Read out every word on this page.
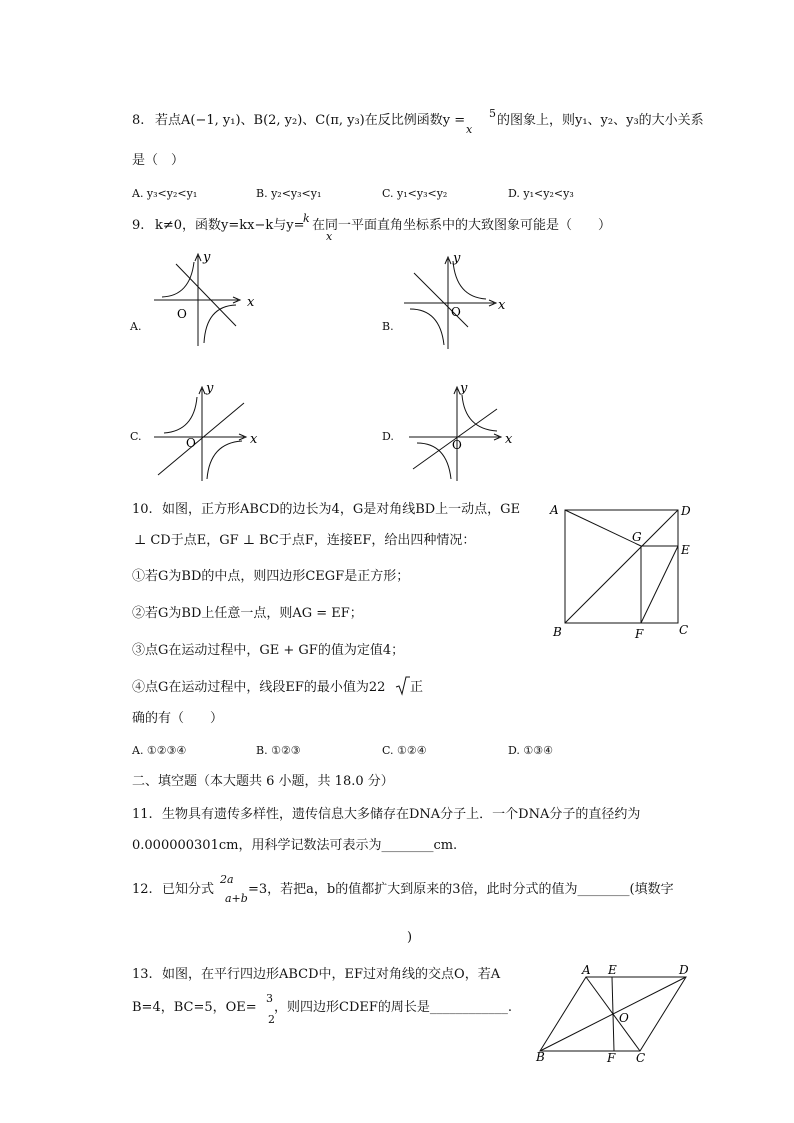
8. 若点A(−1, y₁)、B(2, y₂)、C(π, y₃)在反比例函数y = 5
x
的图象上，则y₁、y₂、y₃的大小关系
是（　）
A. y₃<y₂<y₁	B. y₂<y₃<y₁	C. y₁<y₃<y₂	D. y₁<y₂<y₃
9. k≠0，函数y=kx−k与y=
k
x
在同一平面直角坐标系中的大致图象可能是（　　）
x
y
O
A.
x
y
O
B.
x
y
O
C.	x
y
O
D.
10. 如图，正方形ABCD的边长为4，G是对角线BD上一动点，GE
⊥ CD于点E，GF ⊥ BC于点F，连接EF，给出四种情况：
①若G为BD的中点，则四边形CEGF是正方形；
②若G为BD上任意一点，则AG = EF；
③点G在运动过程中，GE + GF的值为定值4；
④点G在运动过程中，线段EF的最小值为22 正
确的有（　　）
A. ①②③④	B. ①②③	C. ①②④	D. ①③④
A	D
G
E
B	F	C
二、填空题（本大题共 6 小题，共 18.0 分）
11. 生物具有遗传多样性，遗传信息大多储存在DNA分子上．一个DNA分子的直径约为
0.000000301cm，用科学记数法可表示为________cm.
12. 已知分式
2a
a+b
=3，若把a，b的值都扩大到原来的3倍，此时分式的值为________(填数字
)
13. 如图，在平行四边形ABCD中，EF过对角线的交点O，若A
B=4，BC=5，OE=
3
2
，则四边形CDEF的周长是____________.
A E	D
O
B	F C
